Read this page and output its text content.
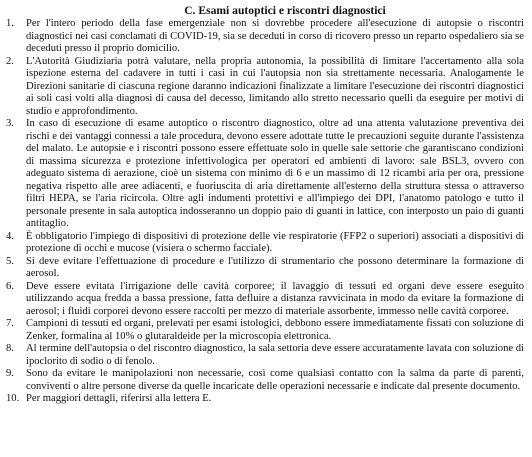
C. Esami autoptici e riscontri diagnostici
1.	Per l'intero periodo della fase emergenziale non si dovrebbe procedere all'esecuzione di autopsie o riscontri diagnostici nei casi conclamati di COVID-19, sia se deceduti in corso di ricovero presso un reparto ospedaliero sia se deceduti presso il proprio domicilio.
2.	L'Autorità Giudiziaria potrà valutare, nella propria autonomia, la possibilità di limitare l'accertamento alla sola ispezione esterna del cadavere in tutti i casi in cui l'autopsia non sia strettamente necessaria. Analogamente le Direzioni sanitarie di ciascuna regione daranno indicazioni finalizzate a limitare l'esecuzione dei riscontri diagnostici ai soli casi volti alla diagnosi di causa del decesso, limitando allo stretto necessario quelli da eseguire per motivi di studio e approfondimento.
3.	In caso di esecuzione di esame autoptico o riscontro diagnostico, oltre ad una attenta valutazione preventiva dei rischi e dei vantaggi connessi a tale procedura, devono essere adottate tutte le precauzioni seguite durante l'assistenza del malato. Le autopsie e i riscontri possono essere effettuate solo in quelle sale settorie che garantiscano condizioni di massima sicurezza e protezione infettivologica per operatori ed ambienti di lavoro: sale BSL3, ovvero con adeguato sistema di aerazione, cioè un sistema con minimo di 6 e un massimo di 12 ricambi aria per ora, pressione negativa rispetto alle aree adiacenti, e fuoriuscita di aria direttamente all'esterno della struttura stessa o attraverso filtri HEPA, se l'aria ricircola. Oltre agli indumenti protettivi e all'impiego dei DPI, l'anatomo patologo e tutto il personale presente in sala autoptica indosseranno un doppio paio di guanti in lattice, con interposto un paio di guanti antitaglio.
4.	È obbligatorio l'impiego di dispositivi di protezione delle vie respiratorie (FFP2 o superiori) associati a dispositivi di protezione di occhi e mucose (visiera o schermo facciale).
5.	Si deve evitare l'effettuazione di procedure e l'utilizzo di strumentario che possono determinare la formazione di aerosol.
6.	Deve essere evitata l'irrigazione delle cavità corporee; il lavaggio di tessuti ed organi deve essere eseguito utilizzando acqua fredda a bassa pressione, fatta defluire a distanza ravvicinata in modo da evitare la formazione di aerosol; i fluidi corporei devono essere raccolti per mezzo di materiale assorbente, immesso nelle cavità corporee.
7.	Campioni di tessuti ed organi, prelevati per esami istologici, debbono essere immediatamente fissati con soluzione di Zenker, formalina al 10% o glutaraldeide per la microscopia elettronica.
8.	Al termine dell'autopsia o del riscontro diagnostico, la sala settoria deve essere accuratamente lavata con soluzione di ipoclorito di sodio o di fenolo.
9.	Sono da evitare le manipolazioni non necessarie, così come qualsiasi contatto con la salma da parte di parenti, conviventi o altre persone diverse da quelle incaricate delle operazioni necessarie e indicate dal presente documento.
10. Per maggiori dettagli, riferirsi alla lettera E.
